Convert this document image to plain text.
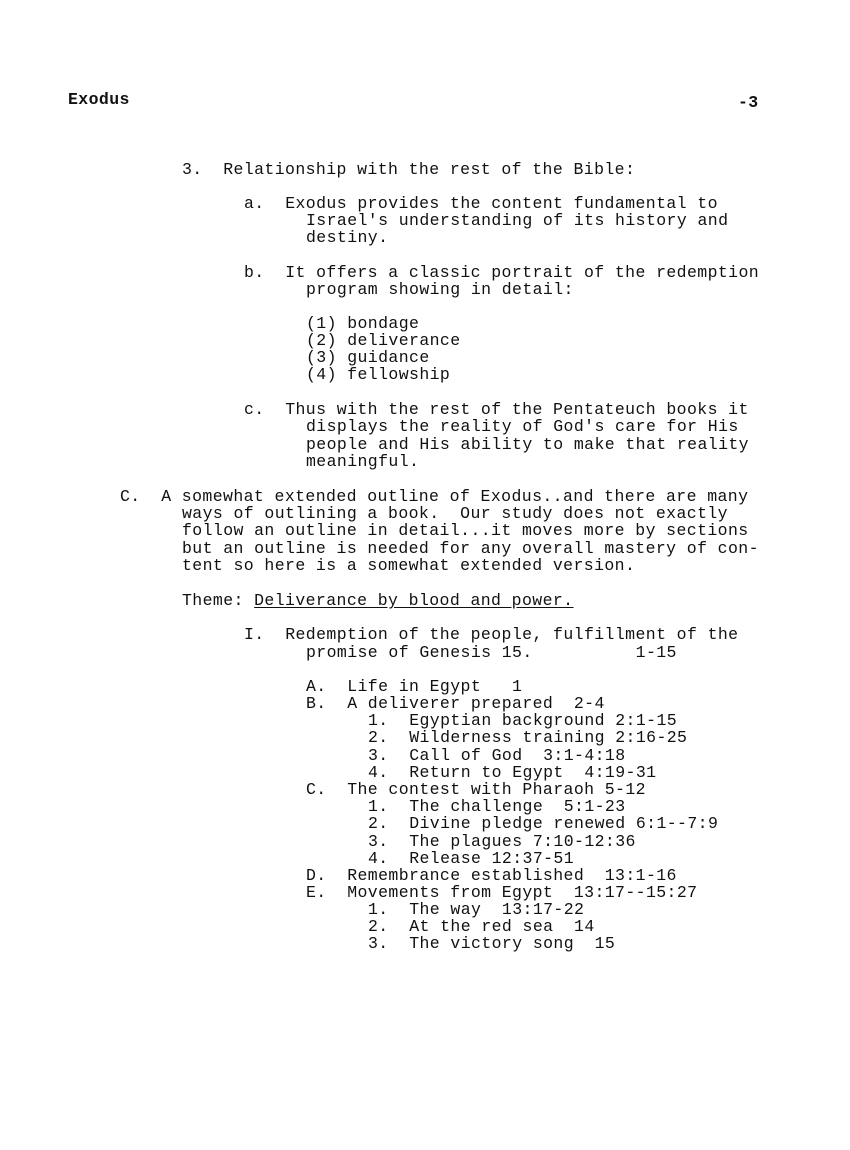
Exodus	-3

3.  Relationship with the rest of the Bible:

a.  Exodus provides the content fundamental to

Israel's understanding of its history and

destiny.

b.  It offers a classic portrait of the redemption

program showing in detail:

(1) bondage

(2) deliverance

(3) guidance

(4) fellowship

c.  Thus with the rest of the Pentateuch books it

displays the reality of God's care for His

people and His ability to make that reality

meaningful.

C.  A somewhat extended outline of Exodus..and there are many

ways of outlining a book.  Our study does not exactly

follow an outline in detail...it moves more by sections

but an outline is needed for any overall mastery of con-

tent so here is a somewhat extended version.

Theme: Deliverance by blood and power.

I.  Redemption of the people, fulfillment of the

promise of Genesis 15.          1-15

A.  Life in Egypt   1

B.  A deliverer prepared  2-4

1.  Egyptian background 2:1-15

2.  Wilderness training 2:16-25

3.  Call of God  3:1-4:18

4.  Return to Egypt  4:19-31

C.  The contest with Pharaoh 5-12

1.  The challenge  5:1-23

2.  Divine pledge renewed 6:1--7:9

3.  The plagues 7:10-12:36

4.  Release 12:37-51

D.  Remembrance established  13:1-16

E.  Movements from Egypt  13:17--15:27

1.  The way  13:17-22

2.  At the red sea  14

3.  The victory song  15
